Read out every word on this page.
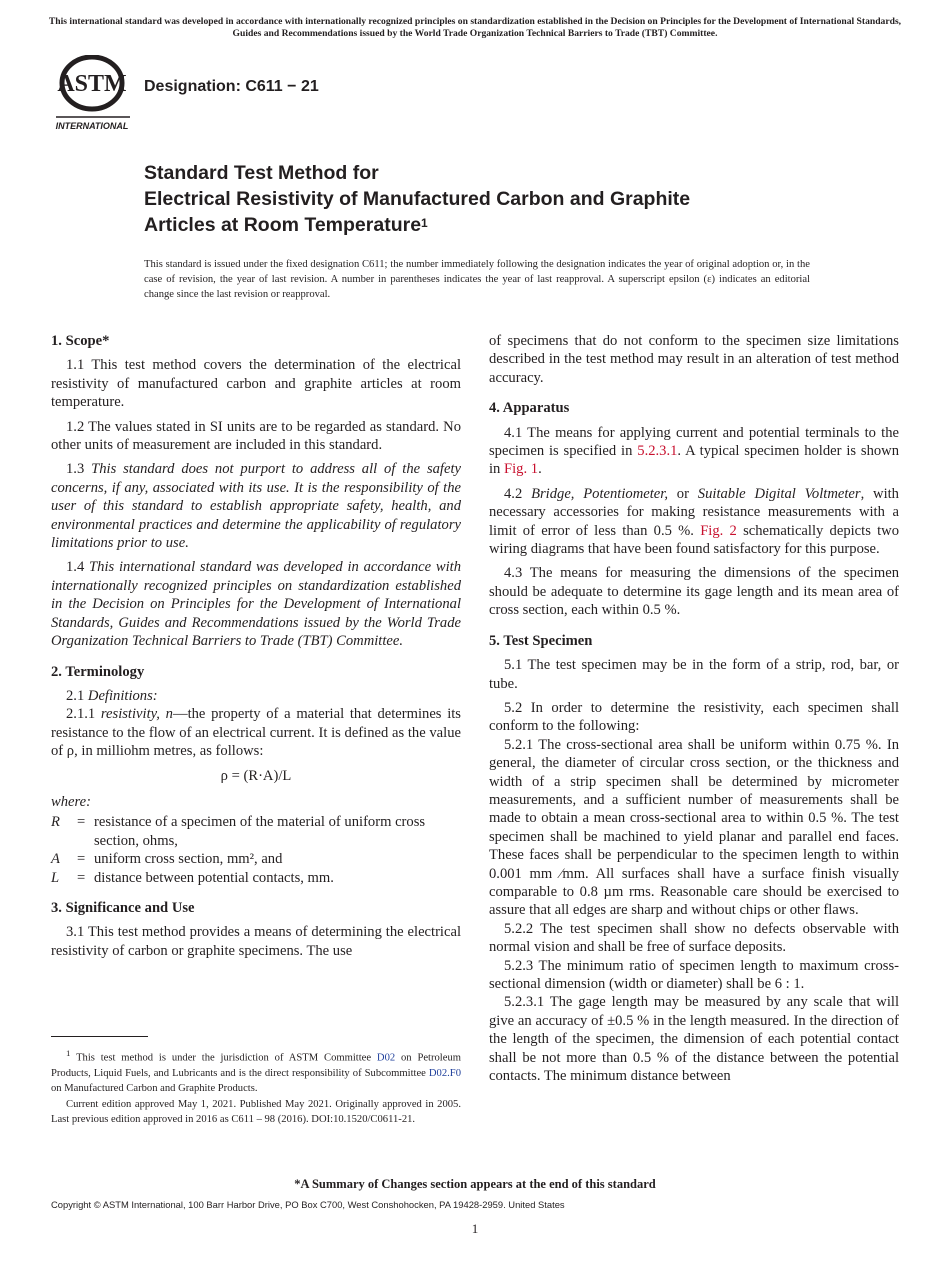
This international standard was developed in accordance with internationally recognized principles on standardization established in the Decision on Principles for the Development of International Standards, Guides and Recommendations issued by the World Trade Organization Technical Barriers to Trade (TBT) Committee.
ASTM
INTERNATIONAL
Designation: C611 − 21
Standard Test Method for
Electrical Resistivity of Manufactured Carbon and Graphite
Articles at Room Temperature$^1$
This standard is issued under the fixed designation C611; the number immediately following the designation indicates the year of original adoption or, in the case of revision, the year of last revision. A number in parentheses indicates the year of last reapproval. A superscript epsilon (ε) indicates an editorial change since the last revision or reapproval.
1. Scope*

1.1 This test method covers the determination of the electrical resistivity of manufactured carbon and graphite articles at room temperature.

1.2 The values stated in SI units are to be regarded as standard. No other units of measurement are included in this standard.

1.3 This standard does not purport to address all of the safety concerns, if any, associated with its use. It is the responsibility of the user of this standard to establish appropriate safety, health, and environmental practices and determine the applicability of regulatory limitations prior to use.

1.4 This international standard was developed in accordance with internationally recognized principles on standardization established in the Decision on Principles for the Development of International Standards, Guides and Recommendations issued by the World Trade Organization Technical Barriers to Trade (TBT) Committee.

2. Terminology

2.1 Definitions:

2.1.1 resistivity, n—the property of a material that determines its resistance to the flow of an electrical current. It is defined as the value of ρ, in milliohm metres, as follows:

ρ = (R·A)/L
where:
R	= resistance of a specimen of the material of uniform cross section, ohms,
A	= uniform cross section, mm², and
L	= distance between potential contacts, mm.
3. Significance and Use

3.1 This test method provides a means of determining the electrical resistivity of carbon or graphite specimens. The use

of specimens that do not conform to the specimen size limitations described in the test method may result in an alteration of test method accuracy.

4. Apparatus

4.1 The means for applying current and potential terminals to the specimen is specified in 5.2.3.1. A typical specimen holder is shown in Fig. 1.

4.2 Bridge, Potentiometer, or Suitable Digital Voltmeter, with necessary accessories for making resistance measurements with a limit of error of less than 0.5 %. Fig. 2 schematically depicts two wiring diagrams that have been found satisfactory for this purpose.

4.3 The means for measuring the dimensions of the specimen should be adequate to determine its gage length and its mean area of cross section, each within 0.5 %.

5. Test Specimen

5.1 The test specimen may be in the form of a strip, rod, bar, or tube.

5.2 In order to determine the resistivity, each specimen shall conform to the following:

5.2.1 The cross-sectional area shall be uniform within 0.75 %. In general, the diameter of circular cross section, or the thickness and width of a strip specimen shall be determined by micrometer measurements, and a sufficient number of measurements shall be made to obtain a mean cross-sectional area to within 0.5 %. The test specimen shall be machined to yield planar and parallel end faces. These faces shall be perpendicular to the specimen length to within 0.001 mm ⁄mm. All surfaces shall have a surface finish visually comparable to 0.8 µm rms. Reasonable care should be exercised to assure that all edges are sharp and without chips or other flaws.

5.2.2 The test specimen shall show no defects observable with normal vision and shall be free of surface deposits.

5.2.3 The minimum ratio of specimen length to maximum cross-sectional dimension (width or diameter) shall be 6 : 1.

5.2.3.1 The gage length may be measured by any scale that will give an accuracy of ±0.5 % in the length measured. In the direction of the length of the specimen, the dimension of each potential contact shall be not more than 0.5 % of the distance between the potential contacts. The minimum distance between

$^1$ This test method is under the jurisdiction of ASTM Committee D02 on Petroleum Products, Liquid Fuels, and Lubricants and is the direct responsibility of Subcommittee D02.F0 on Manufactured Carbon and Graphite Products.

Current edition approved May 1, 2021. Published May 2021. Originally approved in 2005. Last previous edition approved in 2016 as C611 – 98 (2016). DOI:10.1520/C0611-21.

*A Summary of Changes section appears at the end of this standard
Copyright © ASTM International, 100 Barr Harbor Drive, PO Box C700, West Conshohocken, PA 19428-2959. United States
1
